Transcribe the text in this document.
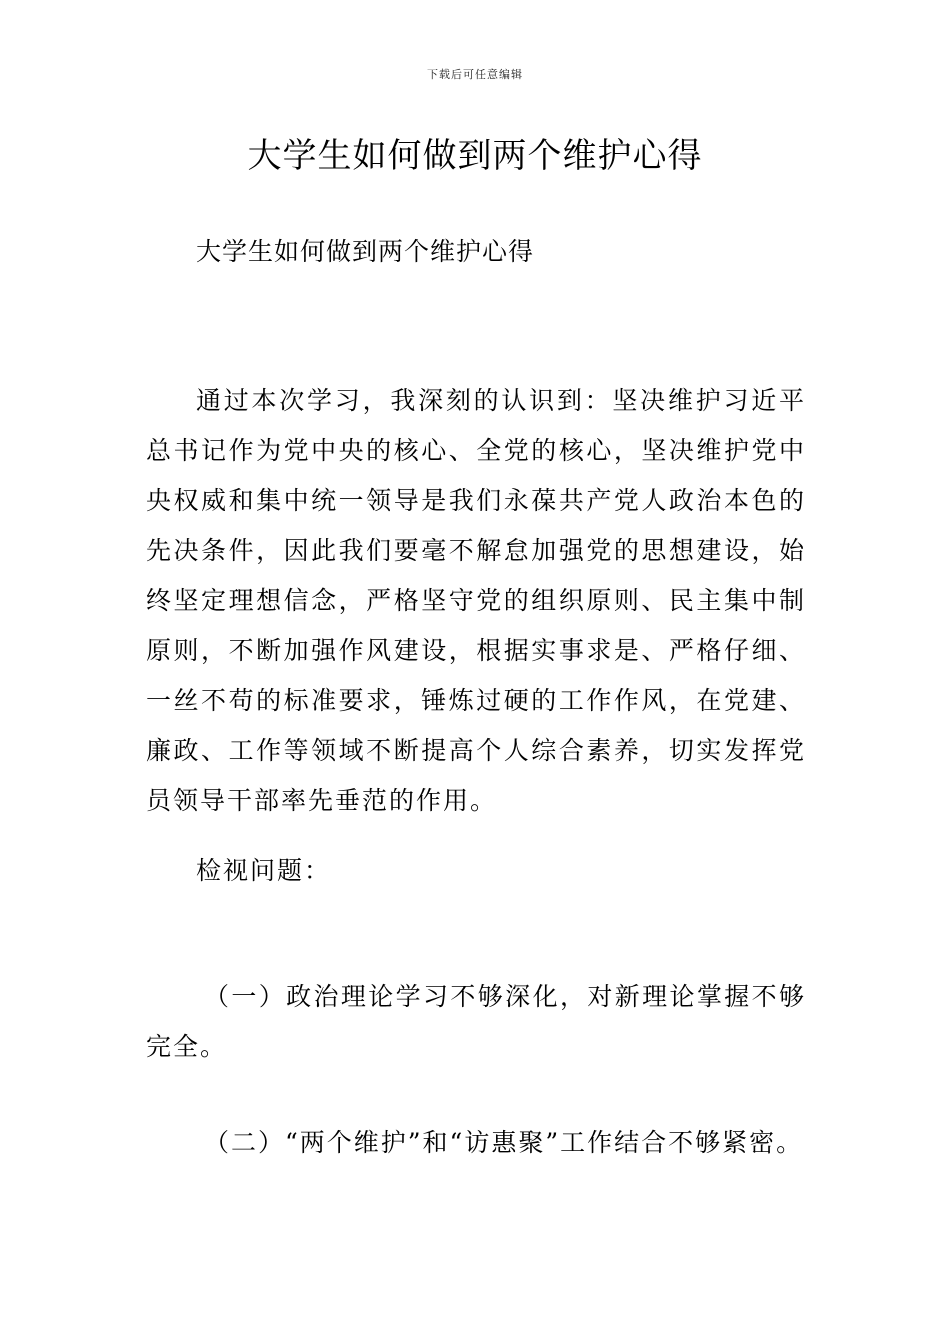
下载后可任意编辑
大学生如何做到两个维护心得
大学生如何做到两个维护心得
通过本次学习，我深刻的认识到：坚决维护习近平总书记作为党中央的核心、全党的核心，坚决维护党中央权威和集中统一领导是我们永葆共产党人政治本色的先决条件，因此我们要毫不解怠加强党的思想建设，始终坚定理想信念，严格坚守党的组织原则、民主集中制原则，不断加强作风建设，根据实事求是、严格仔细、一丝不苟的标准要求，锤炼过硬的工作作风，在党建、廉政、工作等领域不断提高个人综合素养，切实发挥党员领导干部率先垂范的作用。
检视问题：
（一）政治理论学习不够深化，对新理论掌握不够完全。
（二）“两个维护”和“访惠聚”工作结合不够紧密。
